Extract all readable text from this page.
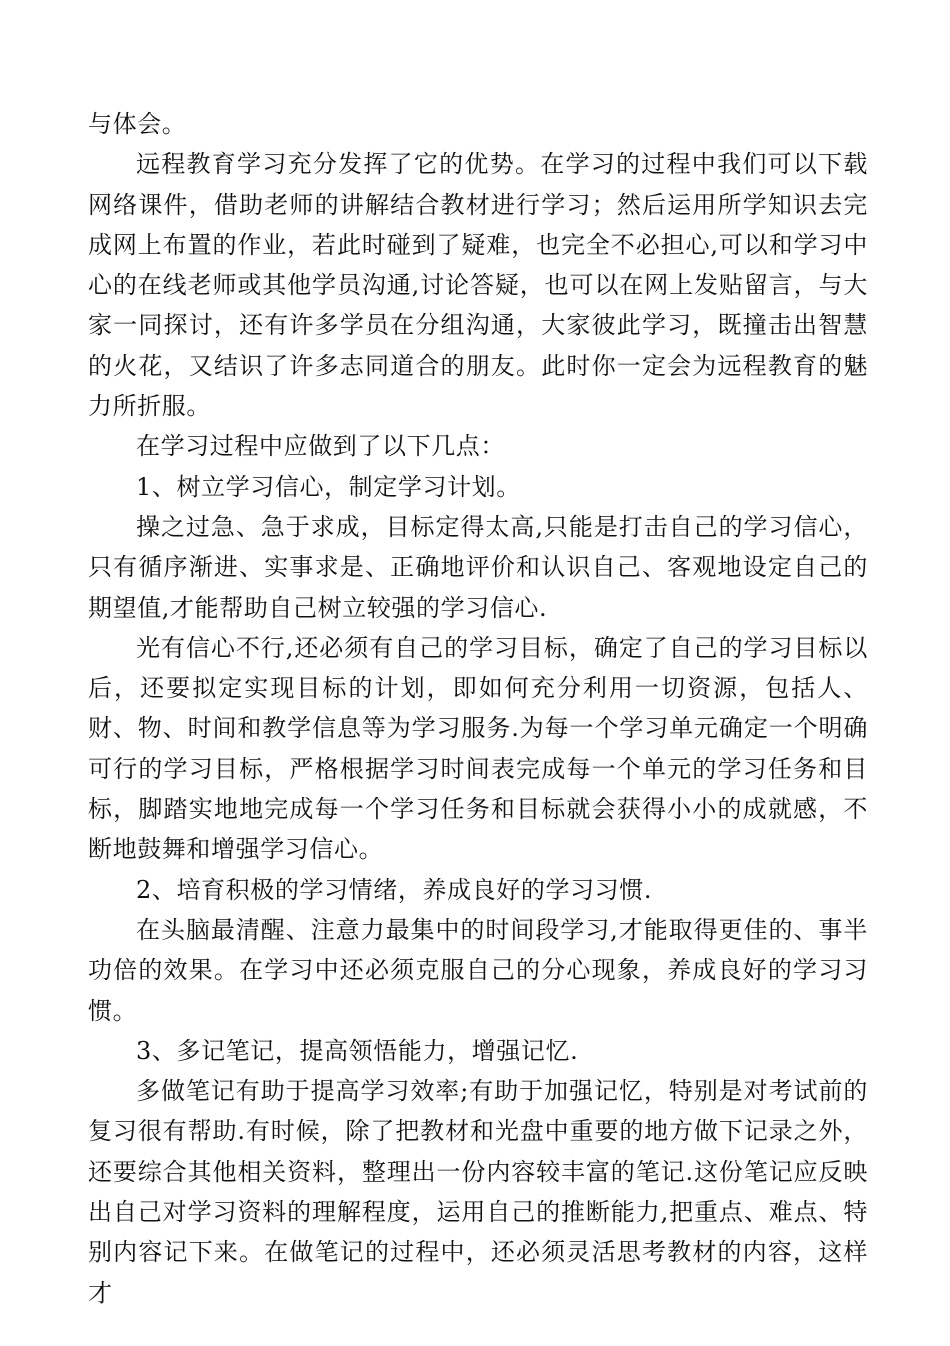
与体会。

远程教育学习充分发挥了它的优势。在学习的过程中我们可以下载网络课件，借助老师的讲解结合教材进行学习；然后运用所学知识去完成网上布置的作业，若此时碰到了疑难，也完全不必担心,可以和学习中心的在线老师或其他学员沟通,讨论答疑，也可以在网上发贴留言，与大家一同探讨，还有许多学员在分组沟通，大家彼此学习，既撞击出智慧的火花，又结识了许多志同道合的朋友。此时你一定会为远程教育的魅力所折服。

在学习过程中应做到了以下几点：

1、树立学习信心，制定学习计划。

操之过急、急于求成，目标定得太高,只能是打击自己的学习信心，只有循序渐进、实事求是、正确地评价和认识自己、客观地设定自己的期望值,才能帮助自己树立较强的学习信心.

光有信心不行,还必须有自己的学习目标，确定了自己的学习目标以后，还要拟定实现目标的计划，即如何充分利用一切资源，包括人、财、物、时间和教学信息等为学习服务.为每一个学习单元确定一个明确可行的学习目标，严格根据学习时间表完成每一个单元的学习任务和目标，脚踏实地地完成每一个学习任务和目标就会获得小小的成就感，不断地鼓舞和增强学习信心。

2、培育积极的学习情绪，养成良好的学习习惯.

在头脑最清醒、注意力最集中的时间段学习,才能取得更佳的、事半功倍的效果。在学习中还必须克服自己的分心现象，养成良好的学习习惯。

3、多记笔记，提高领悟能力，增强记忆.

多做笔记有助于提高学习效率;有助于加强记忆，特别是对考试前的复习很有帮助.有时候，除了把教材和光盘中重要的地方做下记录之外，还要综合其他相关资料，整理出一份内容较丰富的笔记.这份笔记应反映出自己对学习资料的理解程度，运用自己的推断能力,把重点、难点、特别内容记下来。在做笔记的过程中，还必须灵活思考教材的内容，这样才
